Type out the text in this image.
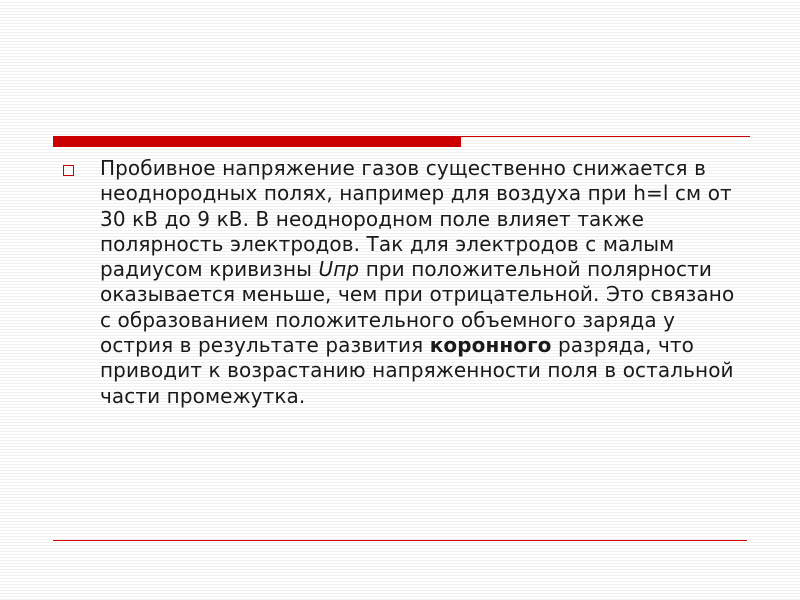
Пробивное напряжение газов существенно снижается в неоднородных полях, например для воздуха при h=l см от 30 кВ до 9 кВ. В неоднородном поле влияет также полярность электродов. Так для электродов с малым радиусом кривизны Uпр при положительной полярности оказывается меньше, чем при отрицательной. Это связано с образованием положительного объемного заряда у острия в результате развития коронного разряда, что приводит к возрастанию напряженности поля в остальной части промежутка.
